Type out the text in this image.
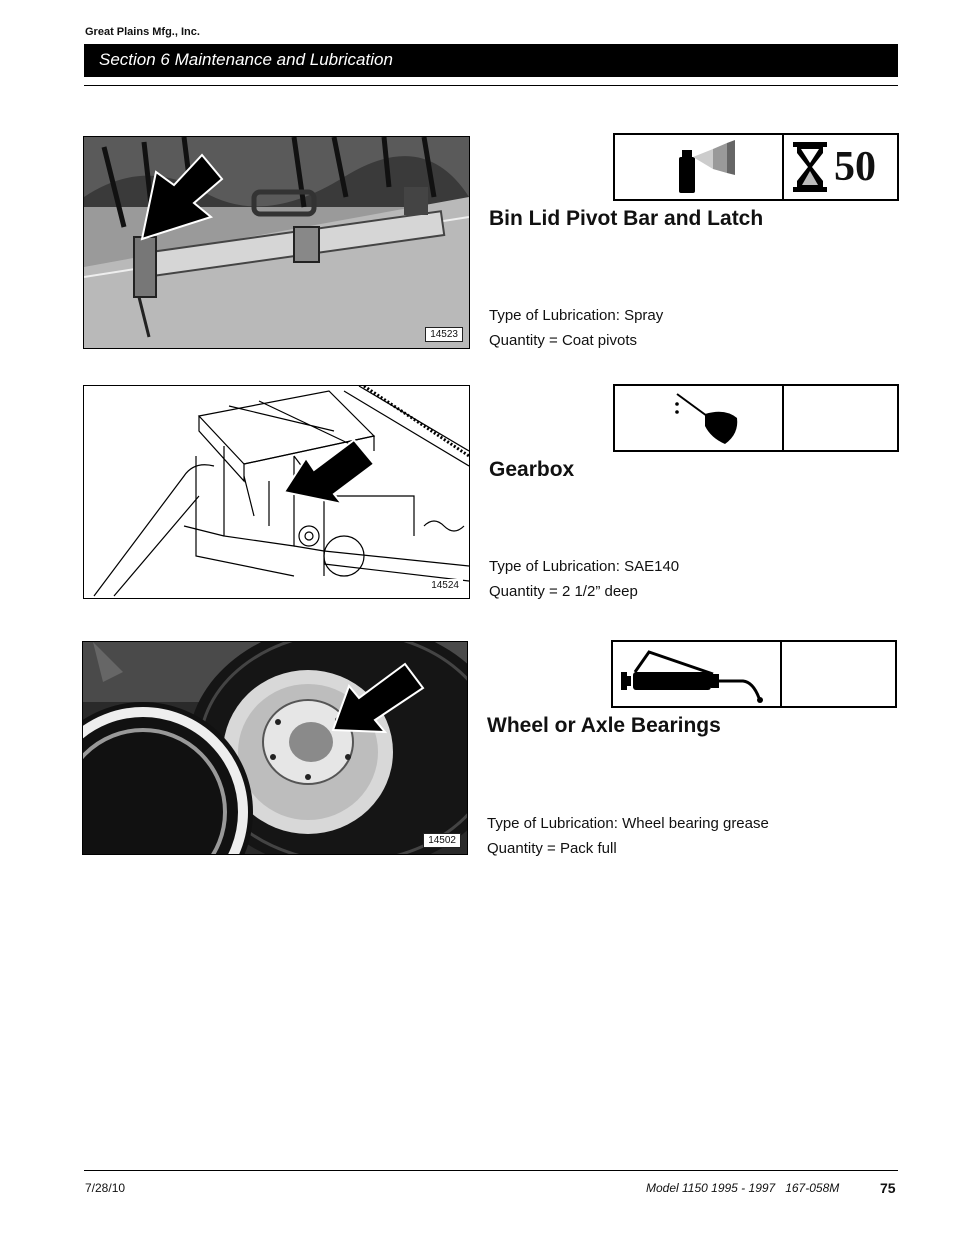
Great Plains Mfg., Inc.
Section 6 Maintenance and Lubrication
14523
50
Bin Lid Pivot Bar and Latch
Type of Lubrication: Spray
Quantity = Coat pivots
14524
Gearbox
Type of Lubrication: SAE140
Quantity = 2 1/2” deep
14502
Wheel or Axle Bearings
Type of Lubrication: Wheel bearing grease
Quantity = Pack full
7/28/10	Model 1150 1995 - 1997   167-058M	75
